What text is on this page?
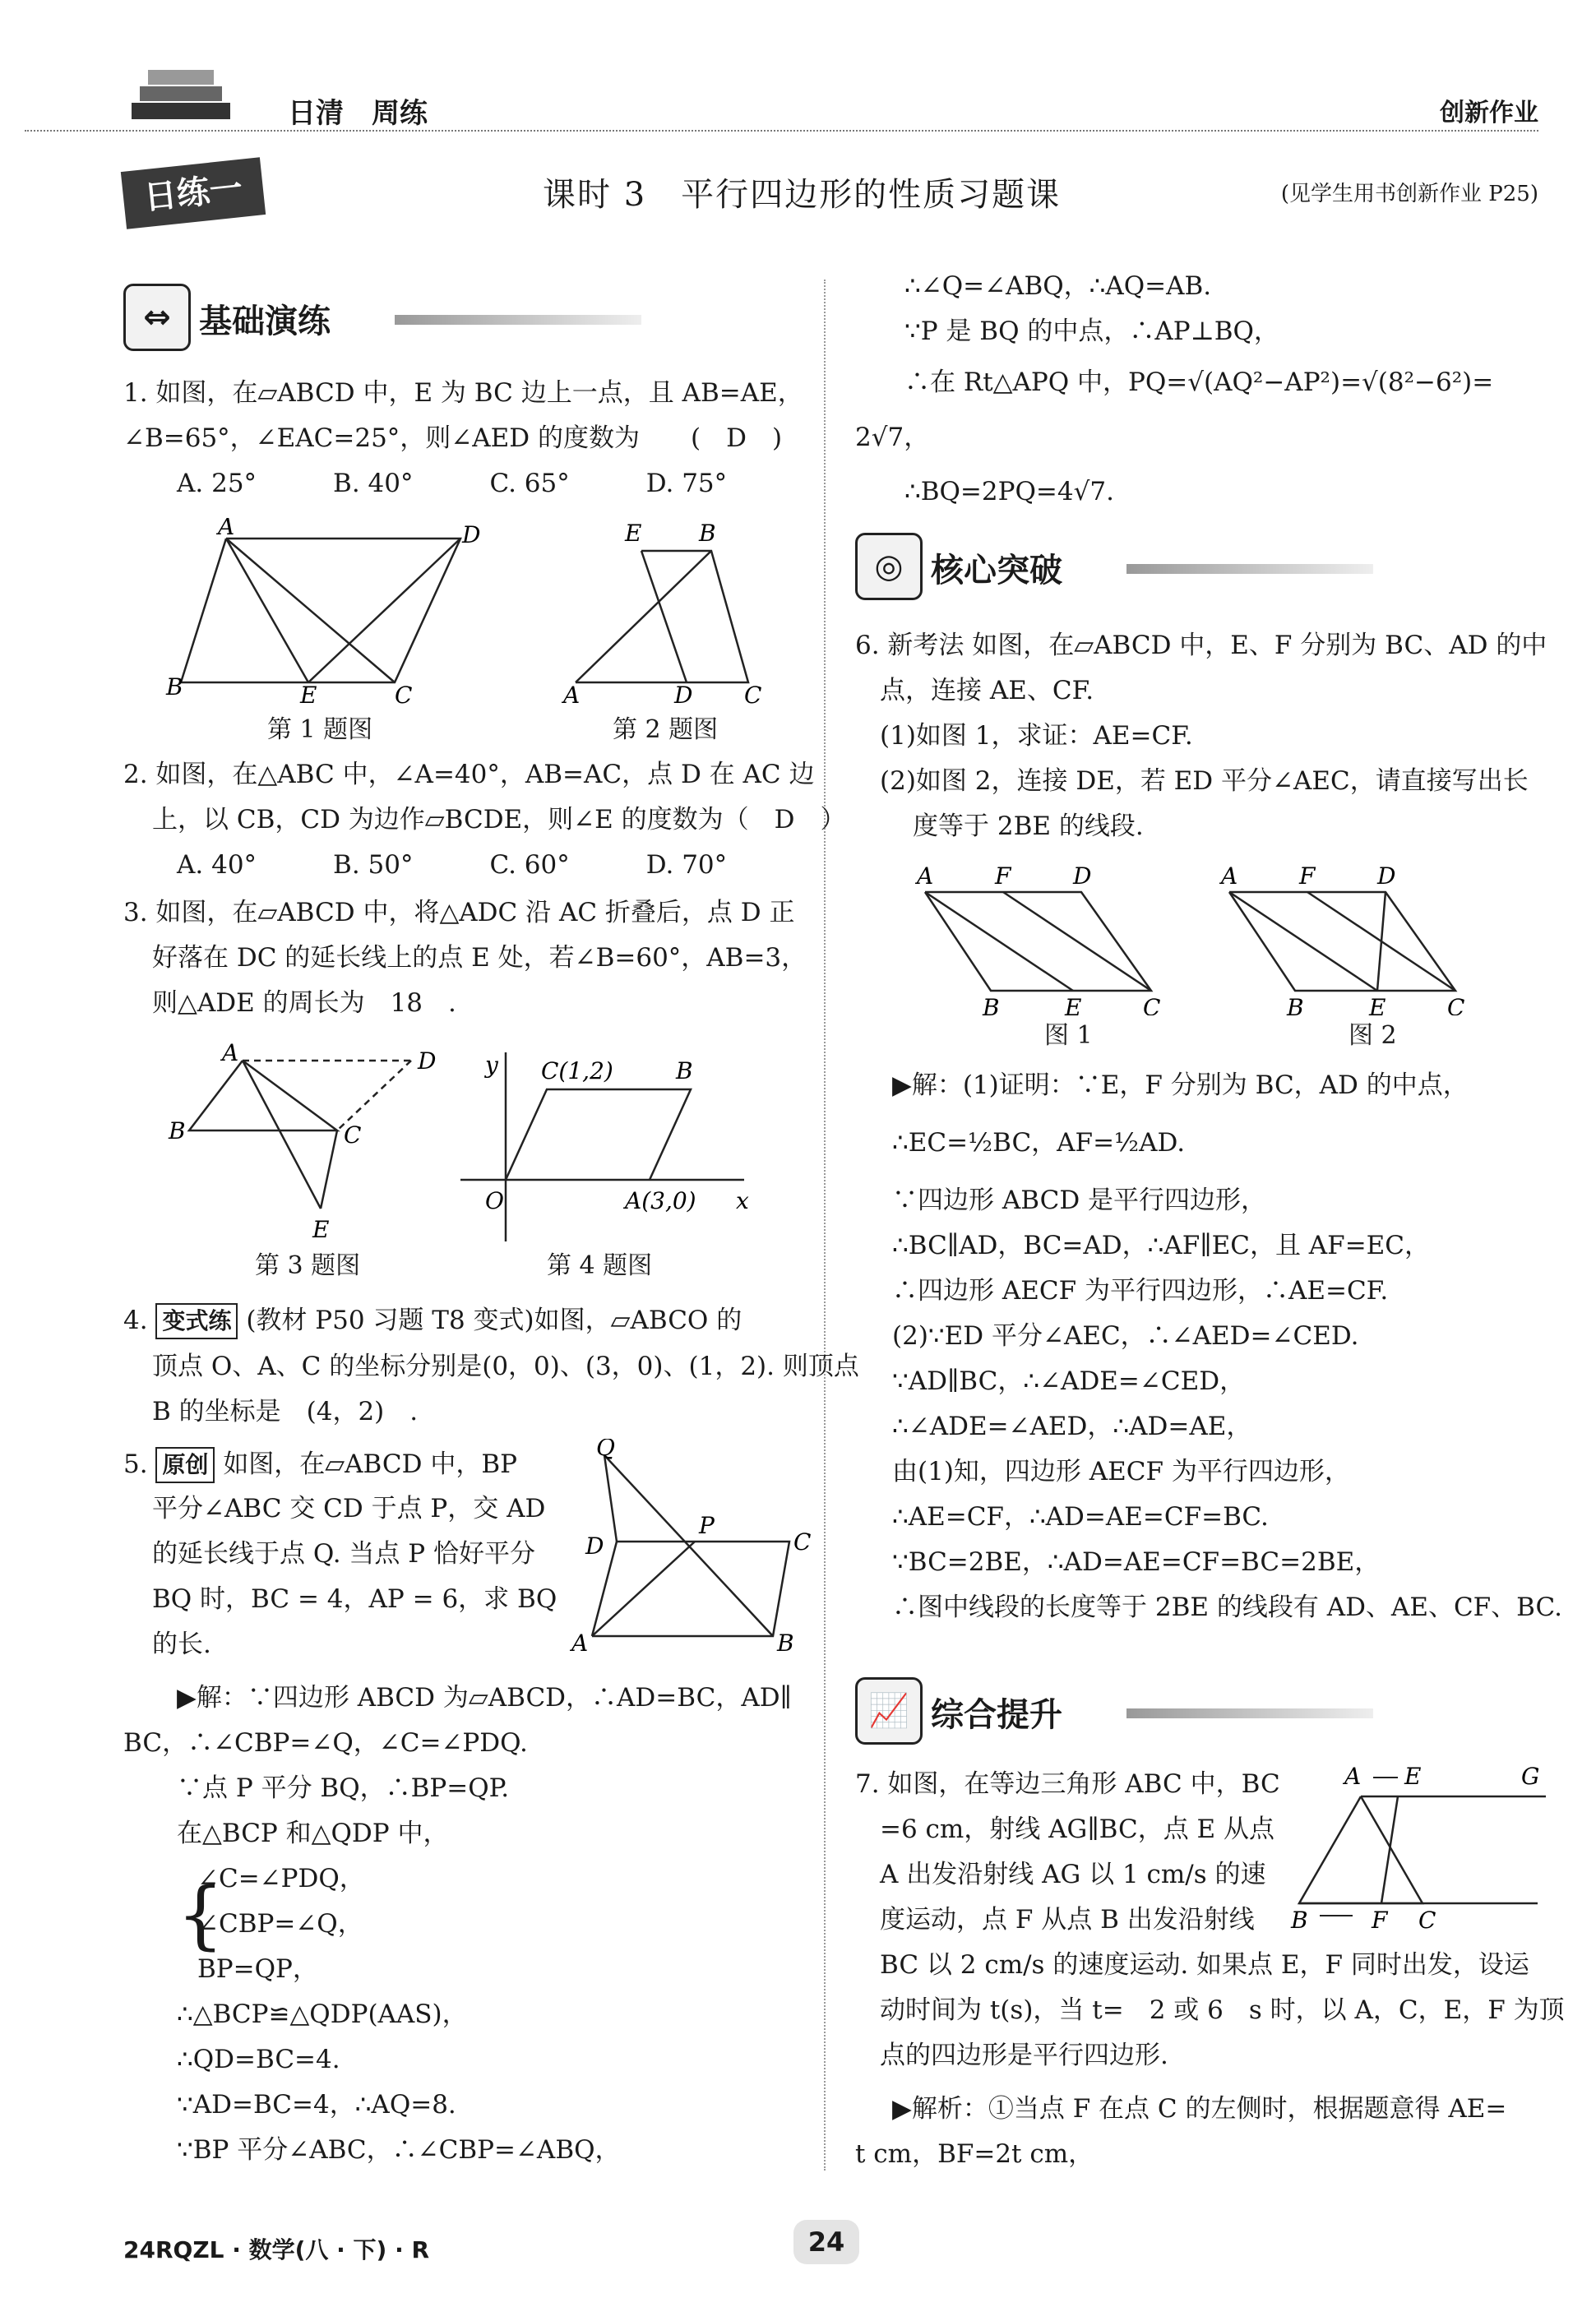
日清　周练	创新作业
日练一	课时 3　平行四边形的性质习题课	(见学生用书创新作业 P25)
⇔ 基础演练
1. 如图，在▱ABCD 中，E 为 BC 边上一点，且 AB=AE，
∠B=65°，∠EAC=25°，则∠AED 的度数为　　(　D　)
A. 25°　　　B. 40°　　　C. 65°　　　D. 75°
A	D
B	E	C
E B
A	D C
第 1 题图	第 2 题图
2. 如图，在△ABC 中，∠A=40°，AB=AC，点 D 在 AC 边
上，以 CB，CD 为边作▱BCDE，则∠E 的度数为（　D　）
A. 40°　　　B. 50°　　　C. 60°　　　D. 70°
3. 如图，在▱ABCD 中，将△ADC 沿 AC 折叠后，点 D 正
好落在 DC 的延长线上的点 E 处，若∠B=60°，AB=3，
则△ADE 的周长为　18　.
A	D
B	C
E
y C(1,2)	B
O	A(3,0) x
第 3 题图	第 4 题图
4. 变式练 (教材 P50 习题 T8 变式)如图，▱ABCO 的
顶点 O、A、C 的坐标分别是(0，0)、(3，0)、(1，2). 则顶点
B 的坐标是　(4，2)　.
5. 原创 如图，在▱ABCD 中，BP
平分∠ABC 交 CD 于点 P，交 AD
的延长线于点 Q. 当点 P 恰好平分
BQ 时，BC = 4，AP = 6，求 BQ
的长.
Q
P
D	C
A	B
▶解：∵四边形 ABCD 为▱ABCD，∴AD=BC，AD∥
BC，∴∠CBP=∠Q，∠C=∠PDQ.
∵点 P 平分 BQ，∴BP=QP.
在△BCP 和△QDP 中，
{
∠C=∠PDQ，
∠CBP=∠Q，
BP=QP，
∴△BCP≌△QDP(AAS)，
∴QD=BC=4.
∵AD=BC=4，∴AQ=8.
∵BP 平分∠ABC，∴∠CBP=∠ABQ，
∴∠Q=∠ABQ，∴AQ=AB.
∵P 是 BQ 的中点，∴AP⊥BQ，
∴在 Rt△APQ 中，PQ=√(AQ²−AP²)=√(8²−6²)=
2√7，
∴BQ=2PQ=4√7.
◎ 核心突破
6. 新考法 如图，在▱ABCD 中，E、F 分别为 BC、AD 的中
点，连接 AE、CF.
(1)如图 1，求证：AE=CF.
(2)如图 2，连接 DE，若 ED 平分∠AEC，请直接写出长
度等于 2BE 的线段.
A	F	D
B	E	C
A	F	D
B	E	C
图 1	图 2
▶解：(1)证明：∵E，F 分别为 BC，AD 的中点，
∴EC=½BC，AF=½AD.
∵四边形 ABCD 是平行四边形，
∴BC∥AD，BC=AD，∴AF∥EC，且 AF=EC，
∴四边形 AECF 为平行四边形，∴AE=CF.
(2)∵ED 平分∠AEC，∴∠AED=∠CED.
∵AD∥BC，∴∠ADE=∠CED，
∴∠ADE=∠AED，∴AD=AE，
由(1)知，四边形 AECF 为平行四边形，
∴AE=CF，∴AD=AE=CF=BC.
∵BC=2BE，∴AD=AE=CF=BC=2BE，
∴图中线段的长度等于 2BE 的线段有 AD、AE、CF、BC.
📈 综合提升
7. 如图，在等边三角形 ABC 中，BC
=6 cm，射线 AG∥BC，点 E 从点
A 出发沿射线 AG 以 1 cm/s 的速
度运动，点 F 从点 B 出发沿射线
BC 以 2 cm/s 的速度运动. 如果点 E，F 同时出发，设运
动时间为 t(s)，当 t=　2 或 6　s 时，以 A，C，E，F 为顶
点的四边形是平行四边形.
▶解析：①当点 F 在点 C 的左侧时，根据题意得 AE=
t cm，BF=2t cm，
A E	G
B	F C
24RQZL · 数学(八 · 下) · R	24
